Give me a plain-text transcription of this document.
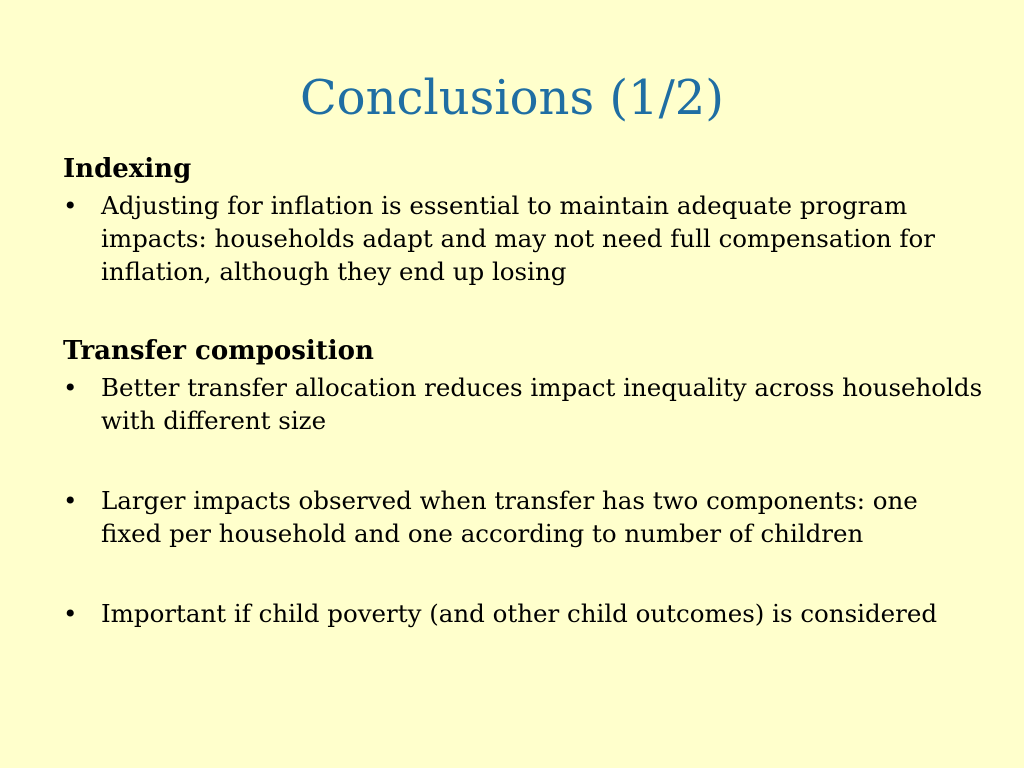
Conclusions (1/2)

Indexing

• Adjusting for inflation is essential to maintain adequate program impacts: households adapt and may not need full compensation for inflation, although they end up losing

Transfer composition

• Better transfer allocation reduces impact inequality across households with different size

• Larger impacts observed when transfer has two components: one fixed per household and one according to number of children

• Important if child poverty (and other child outcomes) is considered
